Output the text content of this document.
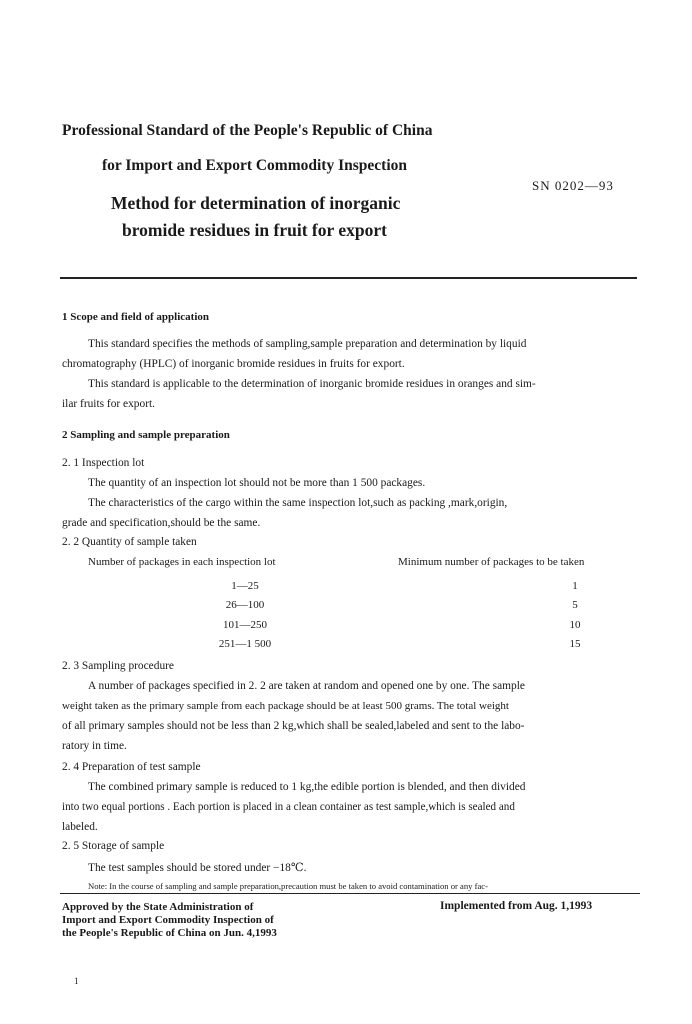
Professional Standard of the People's Republic of China
for Import and Export Commodity Inspection
SN 0202—93
Method for determination of inorganic
bromide residues in fruit for export
1 Scope and field of application
This standard specifies the methods of sampling,sample preparation and determination by liquid
chromatography (HPLC) of inorganic bromide residues in fruits for export.
This standard is applicable to the determination of inorganic bromide residues in oranges and sim-
ilar fruits for export.
2 Sampling and sample preparation
2. 1 Inspection lot
The quantity of an inspection lot should not be more than 1 500 packages.
The characteristics of the cargo within the same inspection lot,such as packing ,mark,origin,
grade and specification,should be the same.
2. 2 Quantity of sample taken
Number of packages in each inspection lot	Minimum number of packages to be taken
1—25	1
26—100	5
101—250	10
251—1 500	15
2. 3 Sampling procedure
A number of packages specified in 2. 2 are taken at random and opened one by one. The sample
weight taken as the primary sample from each package should be at least 500 grams. The total weight
of all primary samples should not be less than 2 kg,which shall be sealed,labeled and sent to the labo-
ratory in time.
2. 4 Preparation of test sample
The combined primary sample is reduced to 1 kg,the edible portion is blended, and then divided
into two equal portions . Each portion is placed in a clean container as test sample,which is sealed and
labeled.
2. 5 Storage of sample
The test samples should be stored under −18℃.
Note: In the course of sampling and sample preparation,precaution must be taken to avoid contamination or any fac-
Approved by the State Administration of
Import and Export Commodity Inspection of
the People's Republic of China on Jun. 4,1993
Implemented from Aug. 1,1993
1
